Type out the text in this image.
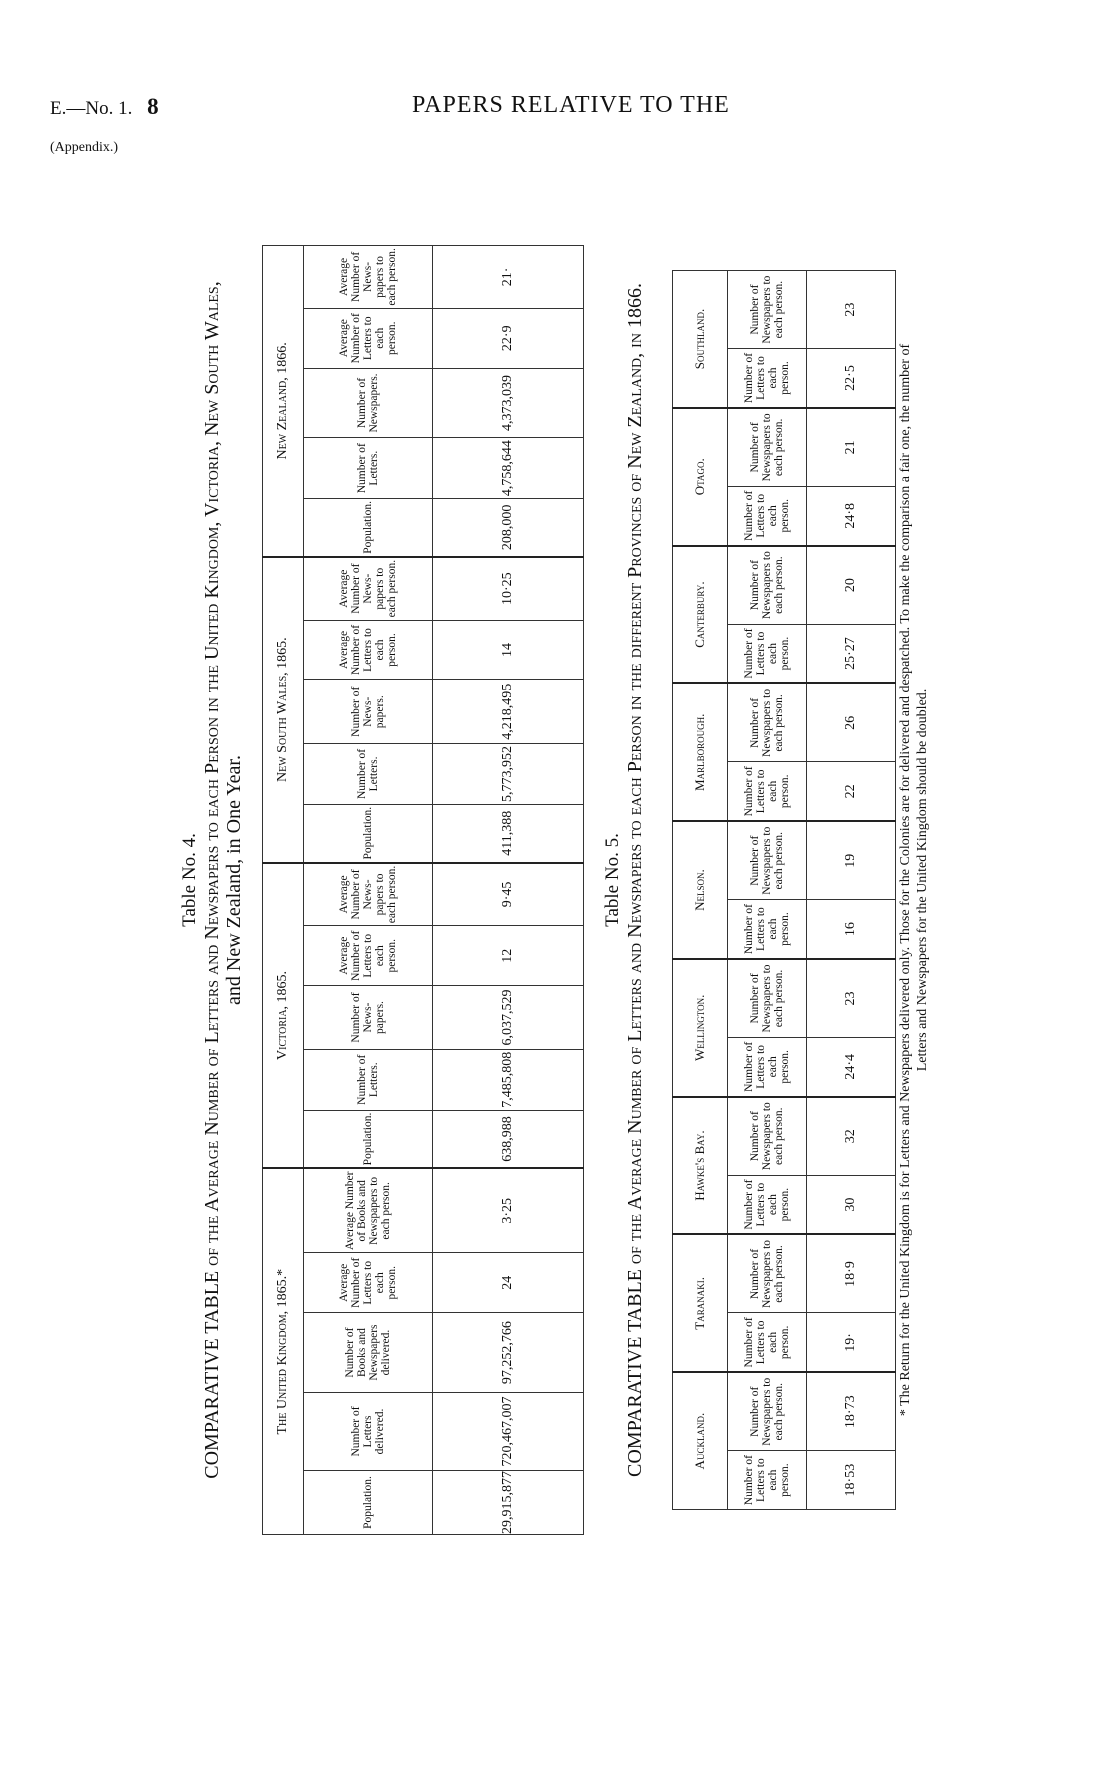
E.—No. 1. 8	PAPERS RELATIVE TO THE
(Appendix.)
Table No. 4. COMPARATIVE TABLE of the Average Number of Letters and Newspapers to each Person in the United Kingdom, Victoria, New South Wales, and New Zealand, in One Year.
The United Kingdom, 1865.*					Victoria, 1865.					New South Wales, 1865.					New Zealand, 1866.				
Population.	Number of Letters delivered.	Number of Books and Newspapers delivered.	Average Number of Letters to each person.	Average Number of Books and Newspapers to each person.	Population.	Number of Letters.	Number of News-papers.	Average Number of Letters to each person.	Average Number of News-papers to each person.	Population.	Number of Letters.	Number of News-papers.	Average Number of Letters to each person.	Average Number of News-papers to each person.	Population.	Number of Letters.	Number of Newspapers.	Average Number of Letters to each person.	Average Number of News-papers to each person.
29,915,877	720,467,007	97,252,766	24	3·25	638,988	7,485,808	6,037,529	12	9·45	411,388	5,773,952	4,218,495	14	10·25	208,000	4,758,644	4,373,039	22·9	21·
Table No. 5. COMPARATIVE TABLE of the Average Number of Letters and Newspapers to each Person in the different Provinces of New Zealand, in 1866.	Auckland.		Taranaki.		Hawke's Bay.		Wellington.		Nelson.		Marlborough.		Canterbury.		Otago.		Southland.	
Number of Letters to each person.	Number of Newspapers to each person.	Number of Letters to each person.	Number of Newspapers to each person.	Number of Letters to each person.	Number of Newspapers to each person.	Number of Letters to each person.	Number of Newspapers to each person.	Number of Letters to each person.	Number of Newspapers to each person.	Number of Letters to each person.	Number of Newspapers to each person.	Number of Letters to each person.	Number of Newspapers to each person.	Number of Letters to each person.	Number of Newspapers to each person.	Number of Letters to each person.	Number of Newspapers to each person.
18·53	18·73	19·	18·9	30	32	24·4	23	16	19	22	26	25·27	20	24·8	21	22·5	23
* The Return for the United Kingdom is for Letters and Newspapers delivered only. Those for the Colonies are for delivered and despatched. To make the comparison a fair one, the number of Letters and Newspapers for the United Kingdom should be doubled.
